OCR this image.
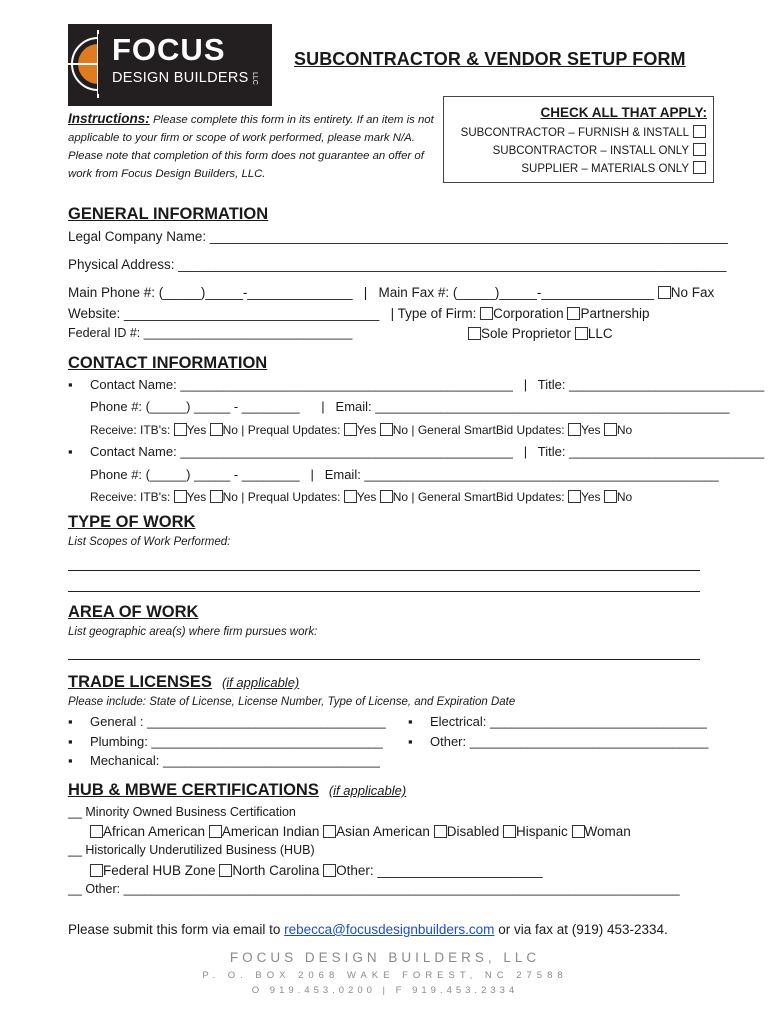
FOCUS
DESIGN BUILDERS LLC
SUBCONTRACTOR & VENDOR SETUP FORM
Instructions: Please complete this form in its entirety. If an item is not applicable to your firm or scope of work performed, please mark N/A. Please note that completion of this form does not guarantee an offer of work from Focus Design Builders, LLC.
CHECK ALL THAT APPLY:
SUBCONTRACTOR – FURNISH & INSTALL
SUBCONTRACTOR – INSTALL ONLY
SUPPLIER – MATERIALS ONLY
GENERAL INFORMATION
Legal Company Name: _____________________________________________________________________
Physical Address: _________________________________________________________________________
Main Phone #: (_____)_____-______________ | Main Fax #: (_____)_____-_______________ No Fax
Website: __________________________________ | Type of Firm: Corporation Partnership
Federal ID #: ______________________________	Sole Proprietor LLC
CONTACT INFORMATION
▪ Contact Name: ______________________________________________ | Title: ___________________________
Phone #: (_____) _____ - ________ | Email: _________________________________________________
Receive: ITB's: Yes No | Prequal Updates: Yes No | General SmartBid Updates: Yes No
▪ Contact Name: ______________________________________________ | Title: ___________________________
Phone #: (_____) _____ - ________ | Email: _________________________________________________
Receive: ITB's: Yes No | Prequal Updates: Yes No | General SmartBid Updates: Yes No
TYPE OF WORK
List Scopes of Work Performed:
AREA OF WORK
List geographic area(s) where firm pursues work:
TRADE LICENSES (if applicable)
Please include: State of License, License Number, Type of License, and Expiration Date
▪ General : _________________________________	▪ Electrical: ______________________________
▪ Plumbing: ________________________________	▪ Other: _________________________________
▪ Mechanical: ______________________________
HUB & MBWE CERTIFICATIONS (if applicable)
__ Minority Owned Business Certification
African American American Indian Asian American Disabled Hispanic Woman
__ Historically Underutilized Business (HUB)
Federal HUB Zone North Carolina Other: ______________________
__ Other: ________________________________________________________________________________
Please submit this form via email to rebecca@focusdesignbuilders.com or via fax at (919) 453-2334.
FOCUS DESIGN BUILDERS, LLC
P. O. BOX 2068 WAKE FOREST, NC 27588
O 919.453.0200 | F 919.453.2334
